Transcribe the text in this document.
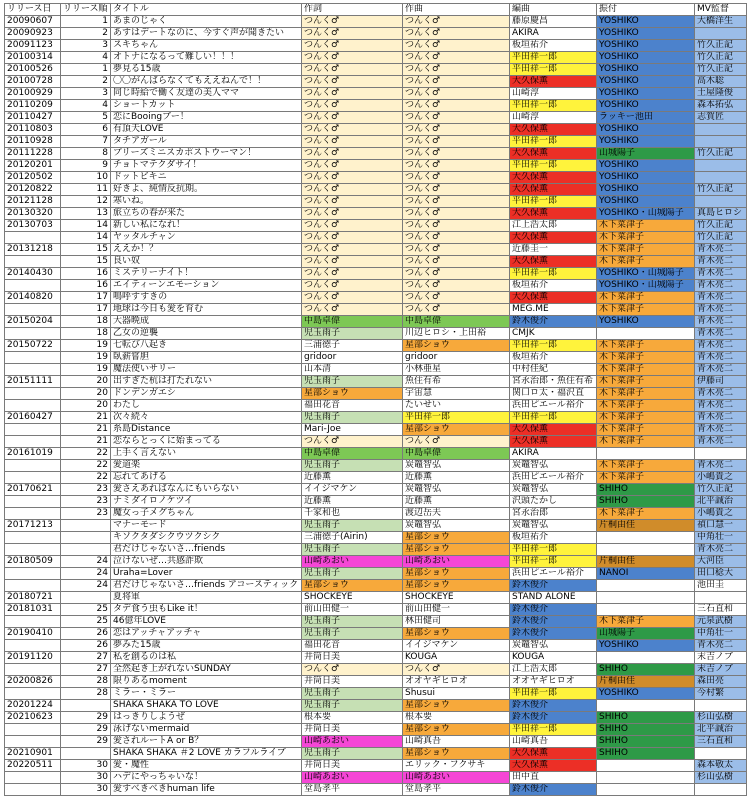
リリース日	リリース順	タイトル	作詞	作曲	編曲	振付	MV監督
20090607	1	あまのじゃく	つんく♂	つんく♂	藤原慶昌	YOSHIKO	大橋洋生
20090923	2	あすはデートなのに、今すぐ声が聞きたい	つんく♂	つんく♂	AKIRA	YOSHIKO	
20091123	3	スキちゃん	つんく♂	つんく♂	板垣祐介	YOSHIKO	竹久正記
20100314	4	オトナになるって難しい！！！	つんく♂	つんく♂	平田祥一郎	YOSHIKO	竹久正記
20100526	1	夢見る15歳	つんく♂	つんく♂	平田祥一郎	YOSHIKO	竹久正記
20100728	2	〇〇がんばらなくてもええねんで！！	つんく♂	つんく♂	大久保薫	YOSHIKO	高木聡
20100929	3	同じ時給で働く友達の美人ママ	つんく♂	つんく♂	山崎淳	YOSHIKO	土屋隆俊
20110209	4	ショートカット	つんく♂	つんく♂	平田祥一郎	YOSHIKO	森本拓弘
20110427	5	恋にBooingブー！	つんく♂	つんく♂	山崎淳	ラッキー池田	志賀匠
20110803	6	有頂天LOVE	つんく♂	つんく♂	大久保薫	YOSHIKO	
20110928	7	タチアガール	つんく♂	つんく♂	平田祥一郎	YOSHIKO	
20111228	8	プリーズミニスカポストウーマン！	つんく♂	つんく♂	大久保薫	山城陽子	竹久正記
20120201	9	チョトマテクダサイ！	つんく♂	つんく♂	平田祥一郎	YOSHIKO	
20120502	10	ドットビキニ	つんく♂	つんく♂	大久保薫	YOSHIKO	
20120822	11	好きよ、純情反抗期。	つんく♂	つんく♂	大久保薫	YOSHIKO	竹久正記
20121128	12	寒いね。	つんく♂	つんく♂	平田祥一郎	YOSHIKO	
20130320	13	旅立ちの春が来た	つんく♂	つんく♂	大久保薫	YOSHIKO・山城陽子	真島ヒロシ
20130703	14	新しい私になれ！	つんく♂	つんく♂	江上浩太郎	木下菜津子	竹久正記
	14	ヤッタルチャン	つんく♂	つんく♂	大久保薫	木下菜津子	竹久正記
20131218	15	ええか！？	つんく♂	つんく♂	近藤圭一	木下菜津子	青木亮二
	15	良い奴	つんく♂	つんく♂	大久保薫	木下菜津子	青木亮二
20140430	16	ミステリーナイト！	つんく♂	つんく♂	平田祥一郎	YOSHIKO・山城陽子	青木亮二
	16	エイティーンエモーション	つんく♂	つんく♂	板垣祐介	YOSHIKO・山城陽子	青木亮二
20140820	17	鳴呼すすきの	つんく♂	つんく♂	大久保薫	木下菜津子	青木亮二
	17	地球は今日も愛を育む	つんく♂	つんく♂	MEG.ME	木下菜津子	青木亮二
20150204	18	大器晩成	中島卓偉	中島卓偉	鈴木俊介	YOSHIKO	青木亮二
	18	乙女の逆襲	児玉雨子	川辺ヒロシ・上田裕	CMJK		青木亮二
20150722	19	七転び八起き	三浦徳子	星部ショウ	平田祥一郎	木下菜津子	青木亮二
	19	臥薪嘗胆	gridoor	gridoor	板垣祐介	木下菜津子	青木亮二
	19	魔法使いサリー	山本清	小林亜星	中村佳紀	木下菜津子	青木亮二
20151111	20	出すぎた杭は打たれない	児玉雨子	魚住有希	宮永治郎・魚住有希	木下菜津子	伊藤司
	20	ドンデンガエシ	星部ショウ	宇宙慧	関口ロ太・福沢直	木下菜津子	青木亮二
	20	わたし	福田花音	たいせい	浜田ピエール裕介	木下菜津子	青木亮二
20160427	21	次々続々	児玉雨子	平田祥一郎	平田祥一郎	木下菜津子	青木亮二
	21	糸島Distance	Mari-Joe	星部ショウ	大久保薫	木下菜津子	青木亮二
	21	恋ならとっくに始まってる	つんく♂	つんく♂	大久保薫	木下菜津子	青木亮二
20161019	22	上手く言えない	中島卓偉	中島卓偉	AKIRA		
	22	愛道楽	児玉雨子	炭竈智弘	炭竈智弘	木下菜津子	青木亮二
	22	忘れてあげる	近藤薫	近藤薫	浜田ピエール裕介	木下菜津子	小嶋貴之
20170621	23	愛さえあればなんにもいらない	イイジマケン	炭竈智弘	炭竈智弘	SHIHO	竹久正記
	23	ナミダイロノケツイ	近藤薫	近藤薫	沢頭たかし	SHIHO	北平誠治
	23	魔女っ子メグちゃん	千家和也	渡辺岳夫	宮永治郎	木下菜津子	小嶋貴之
20171213		マナーモード	児玉雨子	炭竈智弘	炭竈智弘	片桐由佳	禎口慧一
		キソクタダシクウツクシク	三浦徳子(Airin)	星部ショウ	板垣祐介		中角壮一
		君だけじゃないさ…friends	児玉雨子	星部ショウ	平田祥一郎		青木亮二
20180509	24	泣けないぜ…共感詐欺	山崎あおい	山崎あおい	平田祥一郎	片桐由佳	大河臣
	24	Uraha=Lover	児玉雨子	星部ショウ	浜田ピエール裕介	NANOI	田口稔大
	24	君だけじゃないさ…friends アコースティック	星部ショウ	星部ショウ	鈴木俊介		池田圭
20180721		夏将軍	SHOCKEYE	SHOCKEYE	STAND ALONE		
20181031	25	タデ食う虫もLike it！	前山田健一	前山田健一	鈴木俊介		三石直和
	25	46億年LOVE	児玉雨子	林田健司	鈴木俊介	木下菜津子	元泉武樹
20190410	26	恋はアッチャアッチャ	児玉雨子	星部ショウ	鈴木俊介	山城陽子	中角壮一
	26	夢みた15歳	福田花音	イイジマケン	炭竈智弘	YOSHIKO	青木亮二
20191120	27	私を創るのは私	井筒日美	KOUGA	KOUGA		末吉ノブ
	27	全然起き上がれないSUNDAY	つんく♂	つんく♂	江上浩太郎	SHIHO	末吉ノブ
20200826	28	限りあるmoment	井筒日美	オオヤギヒロオ	オオヤギヒロオ	片桐由佳	森田亮
	28	ミラー・ミラー	児玉雨子	Shusui	平田祥一郎	YOSHIKO	今村繁
20201224		SHAKA SHAKA TO LOVE	児玉雨子	星部ショウ	鈴木俊介		
20210623	29	はっきりしようぜ	根本要	根本要	鈴木俊介	SHIHO	杉山弘樹
	29	泳げないmermaid	井筒日美	星部ショウ	平田祥一郎	SHIHO	北平誠治
	29	愛されルートA or B？	山崎あおい	山崎真吾	山崎真吾	SHIHO	三石直和
20210901		SHAKA SHAKA ＃2 LOVE カラフルライブ	児玉雨子	星部ショウ	大久保薫	SHIHO	
20220511	30	愛・魔性	井筒日美	エリック・フクサキ	大久保薫		森本敬太
	30	ハデにやっちゃいな！	山崎あおい	山崎あおい	田中直		杉山弘樹
	30	愛すべきべきhuman life	堂島孝平	堂島孝平	鈴木俊介		
